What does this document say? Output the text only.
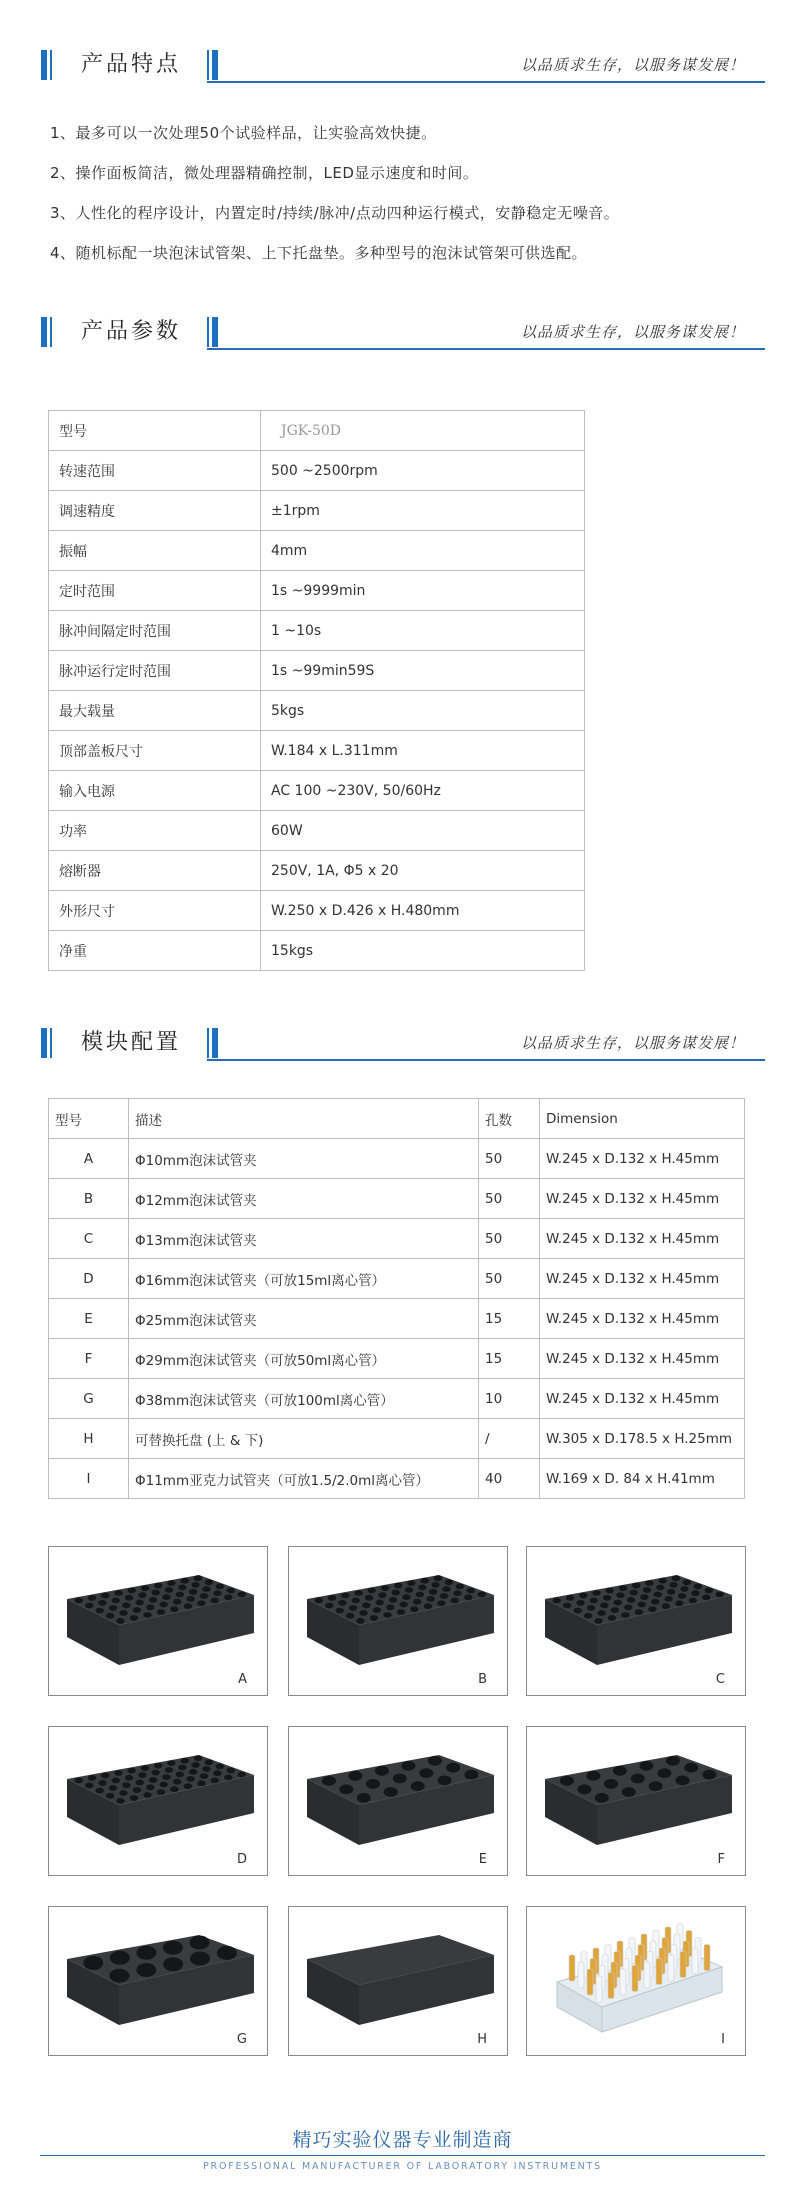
产品特点	以品质求生存，以服务谋发展！
1、最多可以一次处理50个试验样品，让实验高效快捷。
2、操作面板简洁，微处理器精确控制，LED显示速度和时间。
3、人性化的程序设计，内置定时/持续/脉冲/点动四种运行模式，安静稳定无噪音。
4、随机标配一块泡沫试管架、上下托盘垫。多种型号的泡沫试管架可供选配。
产品参数	以品质求生存，以服务谋发展！
型号	JGK-50D
转速范围	500 ~2500rpm
调速精度	±1rpm
振幅	4mm
定时范围	1s ~9999min
脉冲间隔定时范围	1 ~10s
脉冲运行定时范围	1s ~99min59S
最大载量	5kgs
顶部盖板尺寸	W.184 x L.311mm
输入电源	AC 100 ~230V, 50/60Hz
功率	60W
熔断器	250V, 1A, Φ5 x 20
外形尺寸	W.250 x D.426 x H.480mm
净重	15kgs
模块配置	以品质求生存，以服务谋发展！
型号	描述	孔数	Dimension
A	Φ10mm泡沫试管夹	50	W.245 x D.132 x H.45mm
B	Φ12mm泡沫试管夹	50	W.245 x D.132 x H.45mm
C	Φ13mm泡沫试管夹	50	W.245 x D.132 x H.45mm
D	Φ16mm泡沫试管夹（可放15ml离心管）	50	W.245 x D.132 x H.45mm
E	Φ25mm泡沫试管夹	15	W.245 x D.132 x H.45mm
F	Φ29mm泡沫试管夹（可放50ml离心管）	15	W.245 x D.132 x H.45mm
G	Φ38mm泡沫试管夹（可放100ml离心管）	10	W.245 x D.132 x H.45mm
H	可替换托盘 (上 & 下)	/	W.305 x D.178.5 x H.25mm
I	Φ11mm亚克力试管夹（可放1.5/2.0ml离心管）	40	W.169 x D. 84 x H.41mm
A	B	C
D	E	F
G	H	I
精巧实验仪器专业制造商
PROFESSIONAL MANUFACTURER OF LABORATORY INSTRUMENTS
